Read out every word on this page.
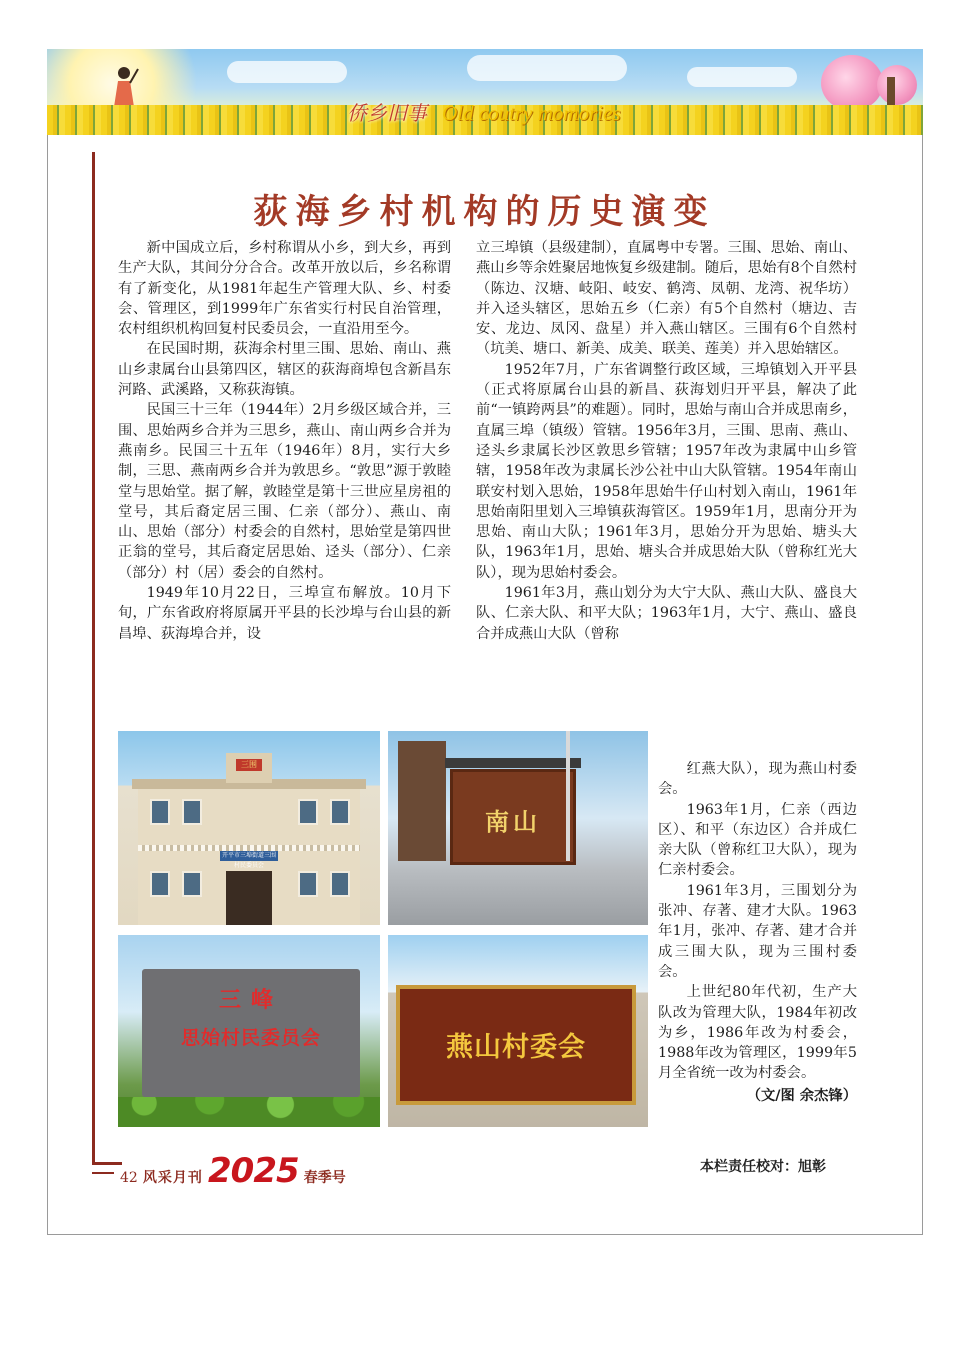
侨乡旧事 Old coutry momories
荻海乡村机构的历史演变

新中国成立后，乡村称谓从小乡，到大乡，再到生产大队，其间分分合合。改革开放以后，乡名称谓有了新变化，从1981年起生产管理大队、乡、村委会、管理区，到1999年广东省实行村民自治管理，农村组织机构回复村民委员会，一直沿用至今。

在民国时期，荻海余村里三围、思始、南山、燕山乡隶属台山县第四区，辖区的荻海商埠包含新昌东河路、武溪路，又称荻海镇。

民国三十三年（1944年）2月乡级区域合并，三围、思始两乡合并为三思乡，燕山、南山两乡合并为燕南乡。民国三十五年（1946年）8月，实行大乡制，三思、燕南两乡合并为敦思乡。“敦思”源于敦睦堂与思始堂。据了解，敦睦堂是第十三世应星房祖的堂号，其后裔定居三围、仁亲（部分）、燕山、南山、思始（部分）村委会的自然村，思始堂是第四世正翁的堂号，其后裔定居思始、迳头（部分）、仁亲（部分）村（居）委会的自然村。

1949年10月22日，三埠宣布解放。10月下旬，广东省政府将原属开平县的长沙埠与台山县的新昌埠、荻海埠合并，设

立三埠镇（县级建制），直属粤中专署。三围、思始、南山、燕山乡等余姓聚居地恢复乡级建制。随后，思始有8个自然村（陈边、汉塘、岐阳、岐安、鹤湾、凤朝、龙湾、祝华坊）并入迳头辖区，思始五乡（仁亲）有5个自然村（塘边、吉安、龙边、凤冈、盘星）并入燕山辖区。三围有6个自然村（坑美、塘口、新美、成美、联美、莲美）并入思始辖区。

1952年7月，广东省调整行政区域，三埠镇划入开平县（正式将原属台山县的新昌、荻海划归开平县，解决了此前“一镇跨两县”的难题）。同时，思始与南山合并成思南乡，直属三埠（镇级）管辖。1956年3月，三围、思南、燕山、迳头乡隶属长沙区敦思乡管辖；1957年改为隶属中山乡管辖，1958年改为隶属长沙公社中山大队管辖。1954年南山联安村划入思始，1958年思始牛仔山村划入南山，1961年思始南阳里划入三埠镇荻海管区。1959年1月，思南分开为思始、南山大队；1961年3月，思始分开为思始、塘头大队，1963年1月，思始、塘头合并成思始大队（曾称红光大队），现为思始村委会。

1961年3月，燕山划分为大宁大队、燕山大队、盛良大队、仁亲大队、和平大队；1963年1月，大宁、燕山、盛良合并成燕山大队（曾称

红燕大队），现为燕山村委会。

1963年1月，仁亲（西边区）、和平（东边区）合并成仁亲大队（曾称红卫大队），现为仁亲村委会。

1961年3月，三围划分为张冲、存著、建才大队。1963年1月，张冲、存著、建才合并成三围大队，现为三围村委会。

上世纪80年代初，生产大队改为管理大队，1984年初改为乡，1986年改为村委会，1988年改为管理区，1999年5月全省统一改为村委会。

（文/图 余杰锋）

三围
开平市三埠街道三围村民委员会
南山
三峰
思始村民委员会	燕山村委会
42 风采月刊 2025 春季号
本栏责任校对：旭彰
